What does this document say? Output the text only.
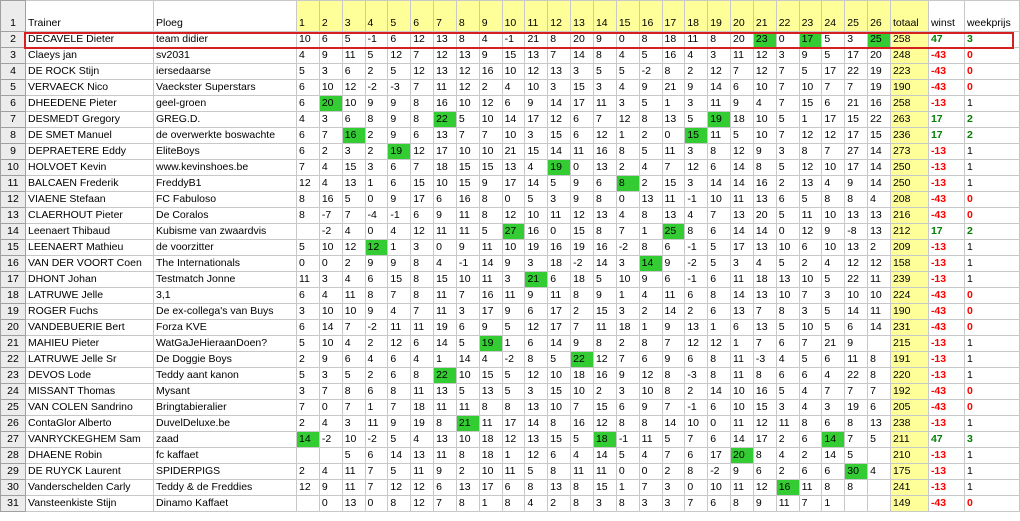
1	Trainer	Ploeg	1	2	3	4	5	6	7	8	9	10	11	12	13	14	15	16	17	18	19	20	21	22	23	24	25	26	totaal	winst	weekprijs
2	DECAVELE Dieter	team didier	10	6	5	-1	6	12	13	8	4	-1	21	8	20	9	0	8	18	11	8	20	23	0	17	5	3	25	258	47	3
3	Claeys jan	sv2031	4	9	11	5	12	7	12	13	9	15	13	7	14	8	4	5	16	4	3	11	12	3	9	5	17	20	248	-43	0
4	DE ROCK Stijn	iersedaarse	5	3	6	2	5	12	13	12	16	10	12	13	3	5	5	-2	8	2	12	7	12	7	5	17	22	19	223	-43	0
5	VERVAECK Nico	Vaeckster Superstars	6	10	12	-2	-3	7	11	12	2	4	10	3	15	3	4	9	21	9	14	6	10	7	10	7	7	19	190	-43	0
6	DHEEDENE Pieter	geel-groen	6	20	10	9	9	8	16	10	12	6	9	14	17	11	3	5	1	3	11	9	4	7	15	6	21	16	258	-13	1
7	DESMEDT Gregory	GREG.D.	4	3	6	8	9	8	22	5	10	14	17	12	6	7	12	8	13	5	19	18	10	5	1	17	15	22	263	17	2
8	DE SMET Manuel	de overwerkte boswachte	6	7	16	2	9	6	13	7	7	10	3	15	6	12	1	2	0	15	11	5	10	7	12	12	17	15	236	17	2
9	DEPRAETERE Eddy	EliteBoys	6	2	3	2	19	12	17	10	10	21	15	14	11	16	8	5	11	3	8	12	9	3	8	7	27	14	273	-13	1
10	HOLVOET Kevin	www.kevinshoes.be	7	4	15	3	6	7	18	15	15	13	4	19	0	13	2	4	7	12	6	14	8	5	12	10	17	14	250	-13	1
11	BALCAEN Frederik	FreddyB1	12	4	13	1	6	15	10	15	9	17	14	5	9	6	8	2	15	3	14	14	16	2	13	4	9	14	250	-13	1
12	VIAENE Stefaan	FC Fabuloso	8	16	5	0	9	17	6	16	8	0	5	3	9	8	0	13	11	-1	10	11	13	6	5	8	8	4	208	-43	0
13	CLAERHOUT Pieter	De Coralos	8	-7	7	-4	-1	6	9	11	8	12	10	11	12	13	4	8	13	4	7	13	20	5	11	10	13	13	216	-43	0
14	Leenaert Thibaud	Kubisme van zwaardvis		-2	4	0	4	12	11	11	5	27	16	0	15	8	7	1	25	8	6	14	14	0	12	9	-8	13	212	17	2
15	LEENAERT Mathieu	de voorzitter	5	10	12	12	1	3	0	9	11	10	19	16	19	16	-2	8	6	-1	5	17	13	10	6	10	13	2	209	-13	1
16	VAN DER VOORT Coen	The Internationals	0	0	2	9	9	8	4	-1	14	9	3	18	-2	14	3	14	9	-2	5	3	4	5	2	4	12	12	158	-13	1
17	DHONT Johan	Testmatch Jonne	11	3	4	6	15	8	15	10	11	3	21	6	18	5	10	9	6	-1	6	11	18	13	10	5	22	11	239	-13	1
18	LATRUWE Jelle	3,1	6	4	11	8	7	8	11	7	16	11	9	11	8	9	1	4	11	6	8	14	13	10	7	3	10	10	224	-43	0
19	ROGER Fuchs	De ex-collega's van Buys	3	10	10	9	4	7	11	3	17	9	6	17	2	15	3	2	14	2	6	13	7	8	3	5	14	11	190	-43	0
20	VANDEBUERIE Bert	Forza KVE	6	14	7	-2	11	11	19	6	9	5	12	17	7	11	18	1	9	13	1	6	13	5	10	5	6	14	231	-43	0
21	MAHIEU Pieter	WatGaJeHieraanDoen?	5	10	4	2	12	6	14	5	19	1	6	14	9	8	2	8	7	12	12	1	7	6	7	21	9		215	-13	1
22	LATRUWE Jelle Sr	De Doggie Boys	2	9	6	4	6	4	1	14	4	-2	8	5	22	12	7	6	9	6	8	11	-3	4	5	6	11	8	191	-13	1
23	DEVOS Lode	Teddy aant kanon	5	3	5	2	6	8	22	10	15	5	12	10	18	16	9	12	8	-3	8	11	8	6	6	4	22	8	220	-13	1
24	MISSANT Thomas	Mysant	3	7	8	6	8	11	13	5	13	5	3	15	10	2	3	10	8	2	14	10	16	5	4	7	7	7	192	-43	0
25	VAN COLEN Sandrino	Bringtabieralier	7	0	7	1	7	18	11	11	8	8	13	10	7	15	6	9	7	-1	6	10	15	3	4	3	19	6	205	-43	0
26	ContaGlor Alberto	DuvelDeluxe.be	2	4	3	11	9	19	8	21	11	17	14	8	16	12	8	8	14	10	0	11	12	11	8	6	8	13	238	-13	1
27	VANRYCKEGHEM Sam	zaad	14	-2	10	-2	5	4	13	10	18	12	13	15	5	18	-1	11	5	7	6	14	17	2	6	14	7	5	211	47	3
28	DHAENE Robin	fc kaffaet			5	6	14	13	11	8	18	1	12	6	4	14	5	4	7	6	17	20	8	4	2	14	5		210	-13	1
29	DE RUYCK Laurent	SPIDERPIGS	2	4	11	7	5	11	9	2	10	11	5	8	11	11	0	0	2	8	-2	9	6	2	6	6	30	4	175	-13	1
30	Vanderschelden Carly	Teddy & de Freddies	12	9	11	7	12	12	6	13	17	6	8	13	8	15	1	7	3	0	10	11	12	16	11	8	8		241	-13	1
31	Vansteenkiste Stijn	Dinamo Kaffaet		0	13	0	8	12	7	8	1	8	4	2	8	3	8	3	3	7	6	8	9	11	7	1			149	-43	0
